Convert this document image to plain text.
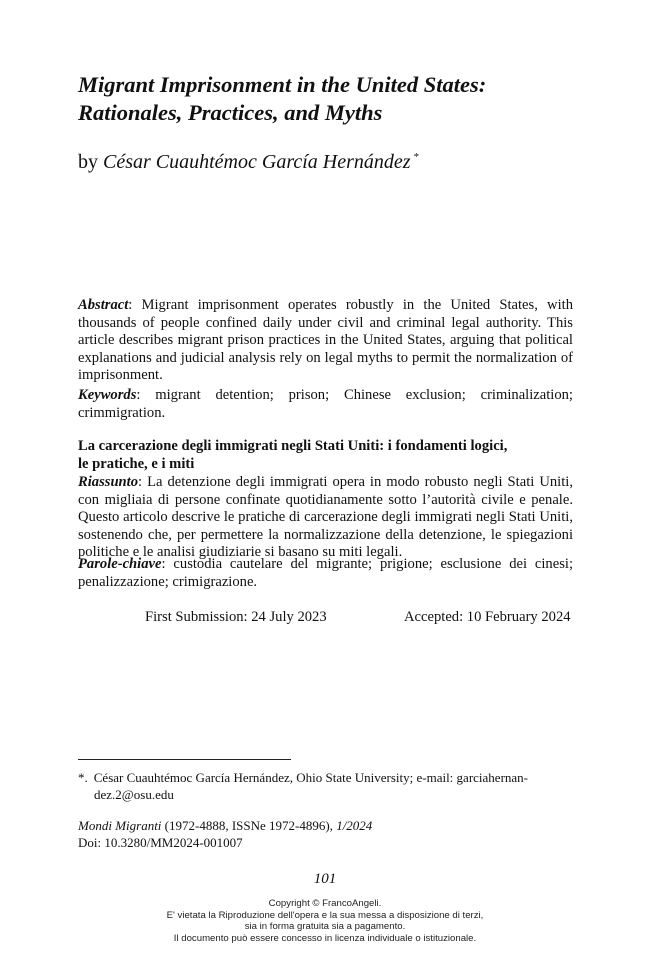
Migrant Imprisonment in the United States:
Rationales, Practices, and Myths
by César Cuauhtémoc García Hernández *
Abstract: Migrant imprisonment operates robustly in the United States, with thousands of people confined daily under civil and criminal legal authority. This article describes migrant prison practices in the United States, arguing that political explanations and judicial analysis rely on legal myths to permit the normalization of imprisonment.
Keywords: migrant detention; prison; Chinese exclusion; criminalization; crimmigration.
La carcerazione degli immigrati negli Stati Uniti: i fondamenti logici,
le pratiche, e i miti
Riassunto: La detenzione degli immigrati opera in modo robusto negli Stati Uniti, con migliaia di persone confinate quotidianamente sotto l’autorità civile e penale. Questo articolo descrive le pratiche di carcerazione degli immigrati negli Stati Uniti, sostenendo che, per permettere la normalizzazione della detenzione, le spiegazioni politiche e le analisi giudiziarie si basano su miti legali.
Parole-chiave: custodia cautelare del migrante; prigione; esclusione dei cinesi; penalizzazione; crimigrazione.
First Submission: 24 July 2023	Accepted: 10 February 2024
*. César Cuauhtémoc García Hernández, Ohio State University; e-mail: garciahernan-
dez.2@osu.edu
Mondi Migranti (1972-4888, ISSNe 1972-4896), 1/2024
Doi: 10.3280/MM2024-001007
101
Copyright © FrancoAngeli.
E' vietata la Riproduzione dell'opera e la sua messa a disposizione di terzi,
sia in forma gratuita sia a pagamento.
Il documento può essere concesso in licenza individuale o istituzionale.
